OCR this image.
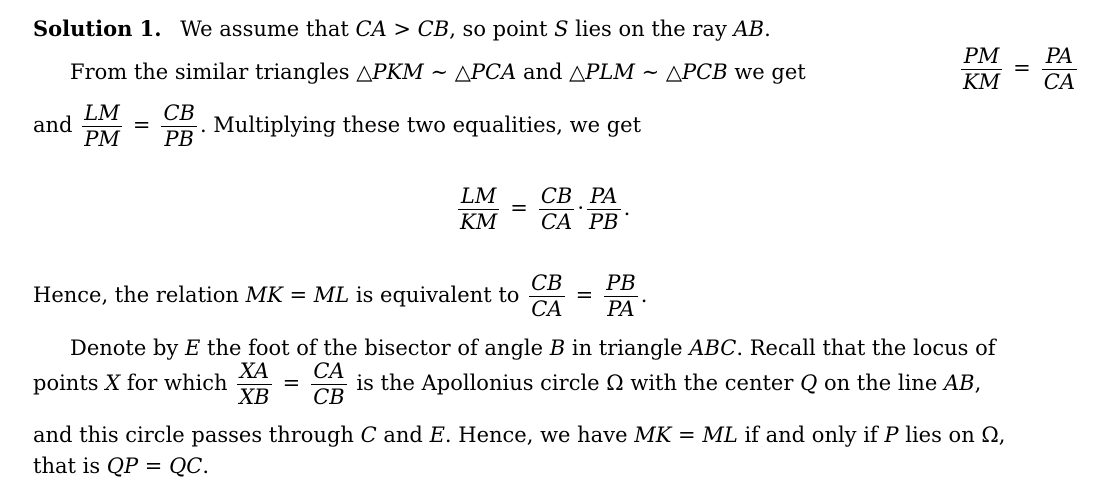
Solution 1. We assume that CA > CB, so point S lies on the ray AB.
From the similar triangles △PKM ∼ △PCA and △PLM ∼ △PCB we get	$\frac{PM}{KM} = \frac{PA}{CA}$
and $\frac{LM}{PM} = \frac{CB}{PB}$ . Multiplying these two equalities, we get
$\frac{LM}{KM} = \frac{CB}{CA} \cdot \frac{PA}{PB}$ .
Hence, the relation MK = ML is equivalent to $\frac{CB}{CA} = \frac{PB}{PA}$ .
Denote by E the foot of the bisector of angle B in triangle ABC. Recall that the locus of
points X for which $\frac{XA}{XB} = \frac{CA}{CB}$ is the Apollonius circle Ω with the center Q on the line AB,
and this circle passes through C and E. Hence, we have MK = ML if and only if P lies on Ω,
that is QP = QC.
